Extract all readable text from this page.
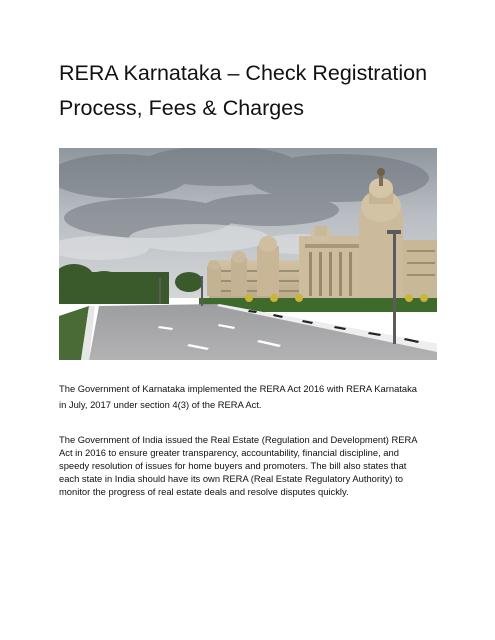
RERA Karnataka – Check Registration
Process, Fees & Charges
The Government of Karnataka implemented the RERA Act 2016 with RERA Karnataka
in July, 2017 under section 4(3) of the RERA Act.
The Government of India issued the Real Estate (Regulation and Development) RERA
Act in 2016 to ensure greater transparency, accountability, financial discipline, and
speedy resolution of issues for home buyers and promoters. The bill also states that
each state in India should have its own RERA (Real Estate Regulatory Authority) to
monitor the progress of real estate deals and resolve disputes quickly.
